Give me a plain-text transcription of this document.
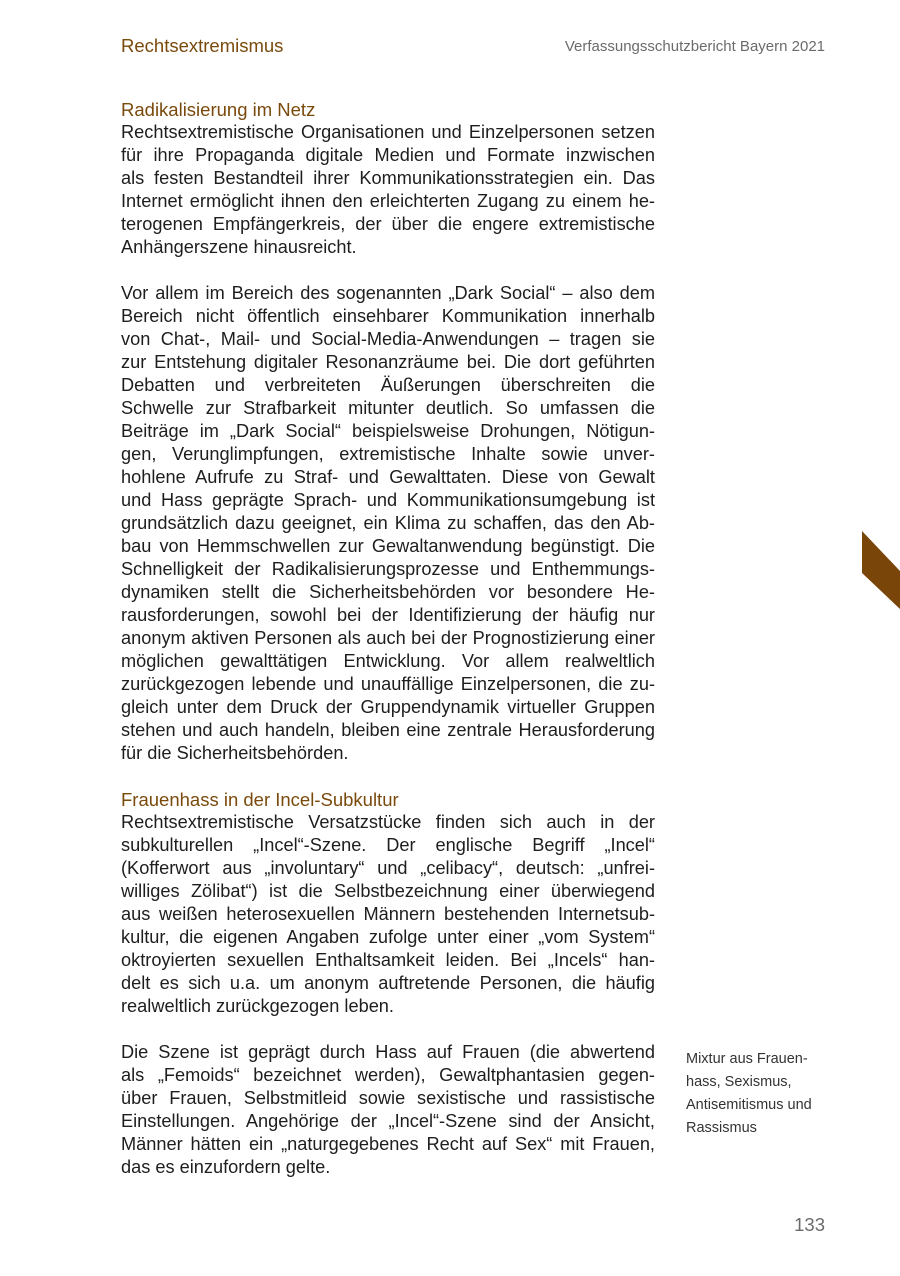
Rechtsextremismus	Verfassungsschutzbericht Bayern 2021
Radikalisierung im Netz
Rechtsextremistische Organisationen und Einzelpersonen setzen
für ihre Propaganda digitale Medien und Formate inzwischen
als festen Bestandteil ihrer Kommunikationsstrategien ein. Das
Internet ermöglicht ihnen den erleichterten Zugang zu einem he-
terogenen Empfängerkreis, der über die engere extremistische
Anhängerszene hinausreicht.
Vor allem im Bereich des sogenannten „Dark Social“ – also dem
Bereich nicht öffentlich einsehbarer Kommunikation innerhalb
von Chat-, Mail- und Social-Media-Anwendungen – tragen sie
zur Entstehung digitaler Resonanzräume bei. Die dort geführten
Debatten und verbreiteten Äußerungen überschreiten die
Schwelle zur Strafbarkeit mitunter deutlich. So umfassen die
Beiträge im „Dark Social“ beispielsweise Drohungen, Nötigun-
gen, Verunglimpfungen, extremistische Inhalte sowie unver-
hohlene Aufrufe zu Straf- und Gewalttaten. Diese von Gewalt
und Hass geprägte Sprach- und Kommunikationsumgebung ist
grundsätzlich dazu geeignet, ein Klima zu schaffen, das den Ab-
bau von Hemmschwellen zur Gewaltanwendung begünstigt. Die
Schnelligkeit der Radikalisierungsprozesse und Enthemmungs-
dynamiken stellt die Sicherheitsbehörden vor besondere He-
rausforderungen, sowohl bei der Identifizierung der häufig nur
anonym aktiven Personen als auch bei der Prognostizierung einer
möglichen gewalttätigen Entwicklung. Vor allem realweltlich
zurückgezogen lebende und unauffällige Einzelpersonen, die zu-
gleich unter dem Druck der Gruppendynamik virtueller Gruppen
stehen und auch handeln, bleiben eine zentrale Herausforderung
für die Sicherheitsbehörden.
Frauenhass in der Incel-Subkultur
Rechtsextremistische Versatzstücke finden sich auch in der
subkulturellen „Incel“-Szene. Der englische Begriff „Incel“
(Kofferwort aus „involuntary“ und „celibacy“, deutsch: „unfrei-
williges Zölibat“) ist die Selbstbezeichnung einer überwiegend
aus weißen heterosexuellen Männern bestehenden Internetsub-
kultur, die eigenen Angaben zufolge unter einer „vom System“
oktroyierten sexuellen Enthaltsamkeit leiden. Bei „Incels“ han-
delt es sich u.a. um anonym auftretende Personen, die häufig
realweltlich zurückgezogen leben.
Die Szene ist geprägt durch Hass auf Frauen (die abwertend
als „Femoids“ bezeichnet werden), Gewaltphantasien gegen-
über Frauen, Selbstmitleid sowie sexistische und rassistische
Einstellungen. Angehörige der „Incel“-Szene sind der Ansicht,
Männer hätten ein „naturgegebenes Recht auf Sex“ mit Frauen,
das es einzufordern gelte.
Mixtur aus Frauen-
hass, Sexismus,
Antisemitismus und
Rassismus
133
